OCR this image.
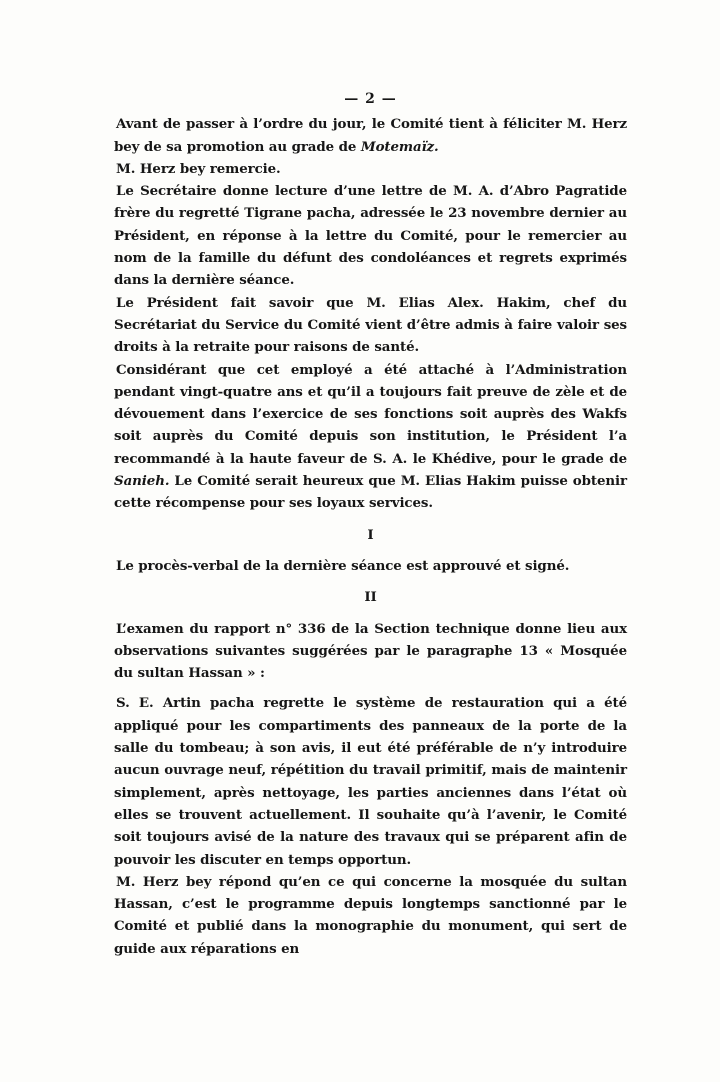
— 2 —

Avant de passer à l’ordre du jour, le Comité tient à féliciter M. Herz bey de sa promotion au grade de Motemaïz.

M. Herz bey remercie.

Le Secrétaire donne lecture d’une lettre de M. A. d’Abro Pagratide frère du regretté Tigrane pacha, adressée le 23 novembre dernier au Président, en réponse à la lettre du Comité, pour le remercier au nom de la famille du défunt des condoléances et regrets exprimés dans la dernière séance.

Le Président fait savoir que M. Elias Alex. Hakim, chef du Secrétariat du Service du Comité vient d’être admis à faire valoir ses droits à la retraite pour raisons de santé.

Considérant que cet employé a été attaché à l’Administration pendant vingt-quatre ans et qu’il a toujours fait preuve de zèle et de dévouement dans l’exercice de ses fonctions soit auprès des Wakfs soit auprès du Comité depuis son institution, le Président l’a recommandé à la haute faveur de S. A. le Khédive, pour le grade de Sanieh. Le Comité serait heureux que M. Elias Hakim puisse obtenir cette récompense pour ses loyaux services.

I

Le procès-verbal de la dernière séance est approuvé et signé.

II

L’examen du rapport n° 336 de la Section technique donne lieu aux observations suivantes suggérées par le paragraphe 13 « Mosquée du sultan Hassan » :

S. E. Artin pacha regrette le système de restauration qui a été appliqué pour les compartiments des panneaux de la porte de la salle du tombeau; à son avis, il eut été préférable de n’y introduire aucun ouvrage neuf, répétition du travail primitif, mais de maintenir simplement, après nettoyage, les parties anciennes dans l’état où elles se trouvent actuellement. Il souhaite qu’à l’avenir, le Comité soit toujours avisé de la nature des travaux qui se préparent afin de pouvoir les discuter en temps opportun.

M. Herz bey répond qu’en ce qui concerne la mosquée du sultan Hassan, c’est le programme depuis longtemps sanctionné par le Comité et publié dans la monographie du monument, qui sert de guide aux réparations en
